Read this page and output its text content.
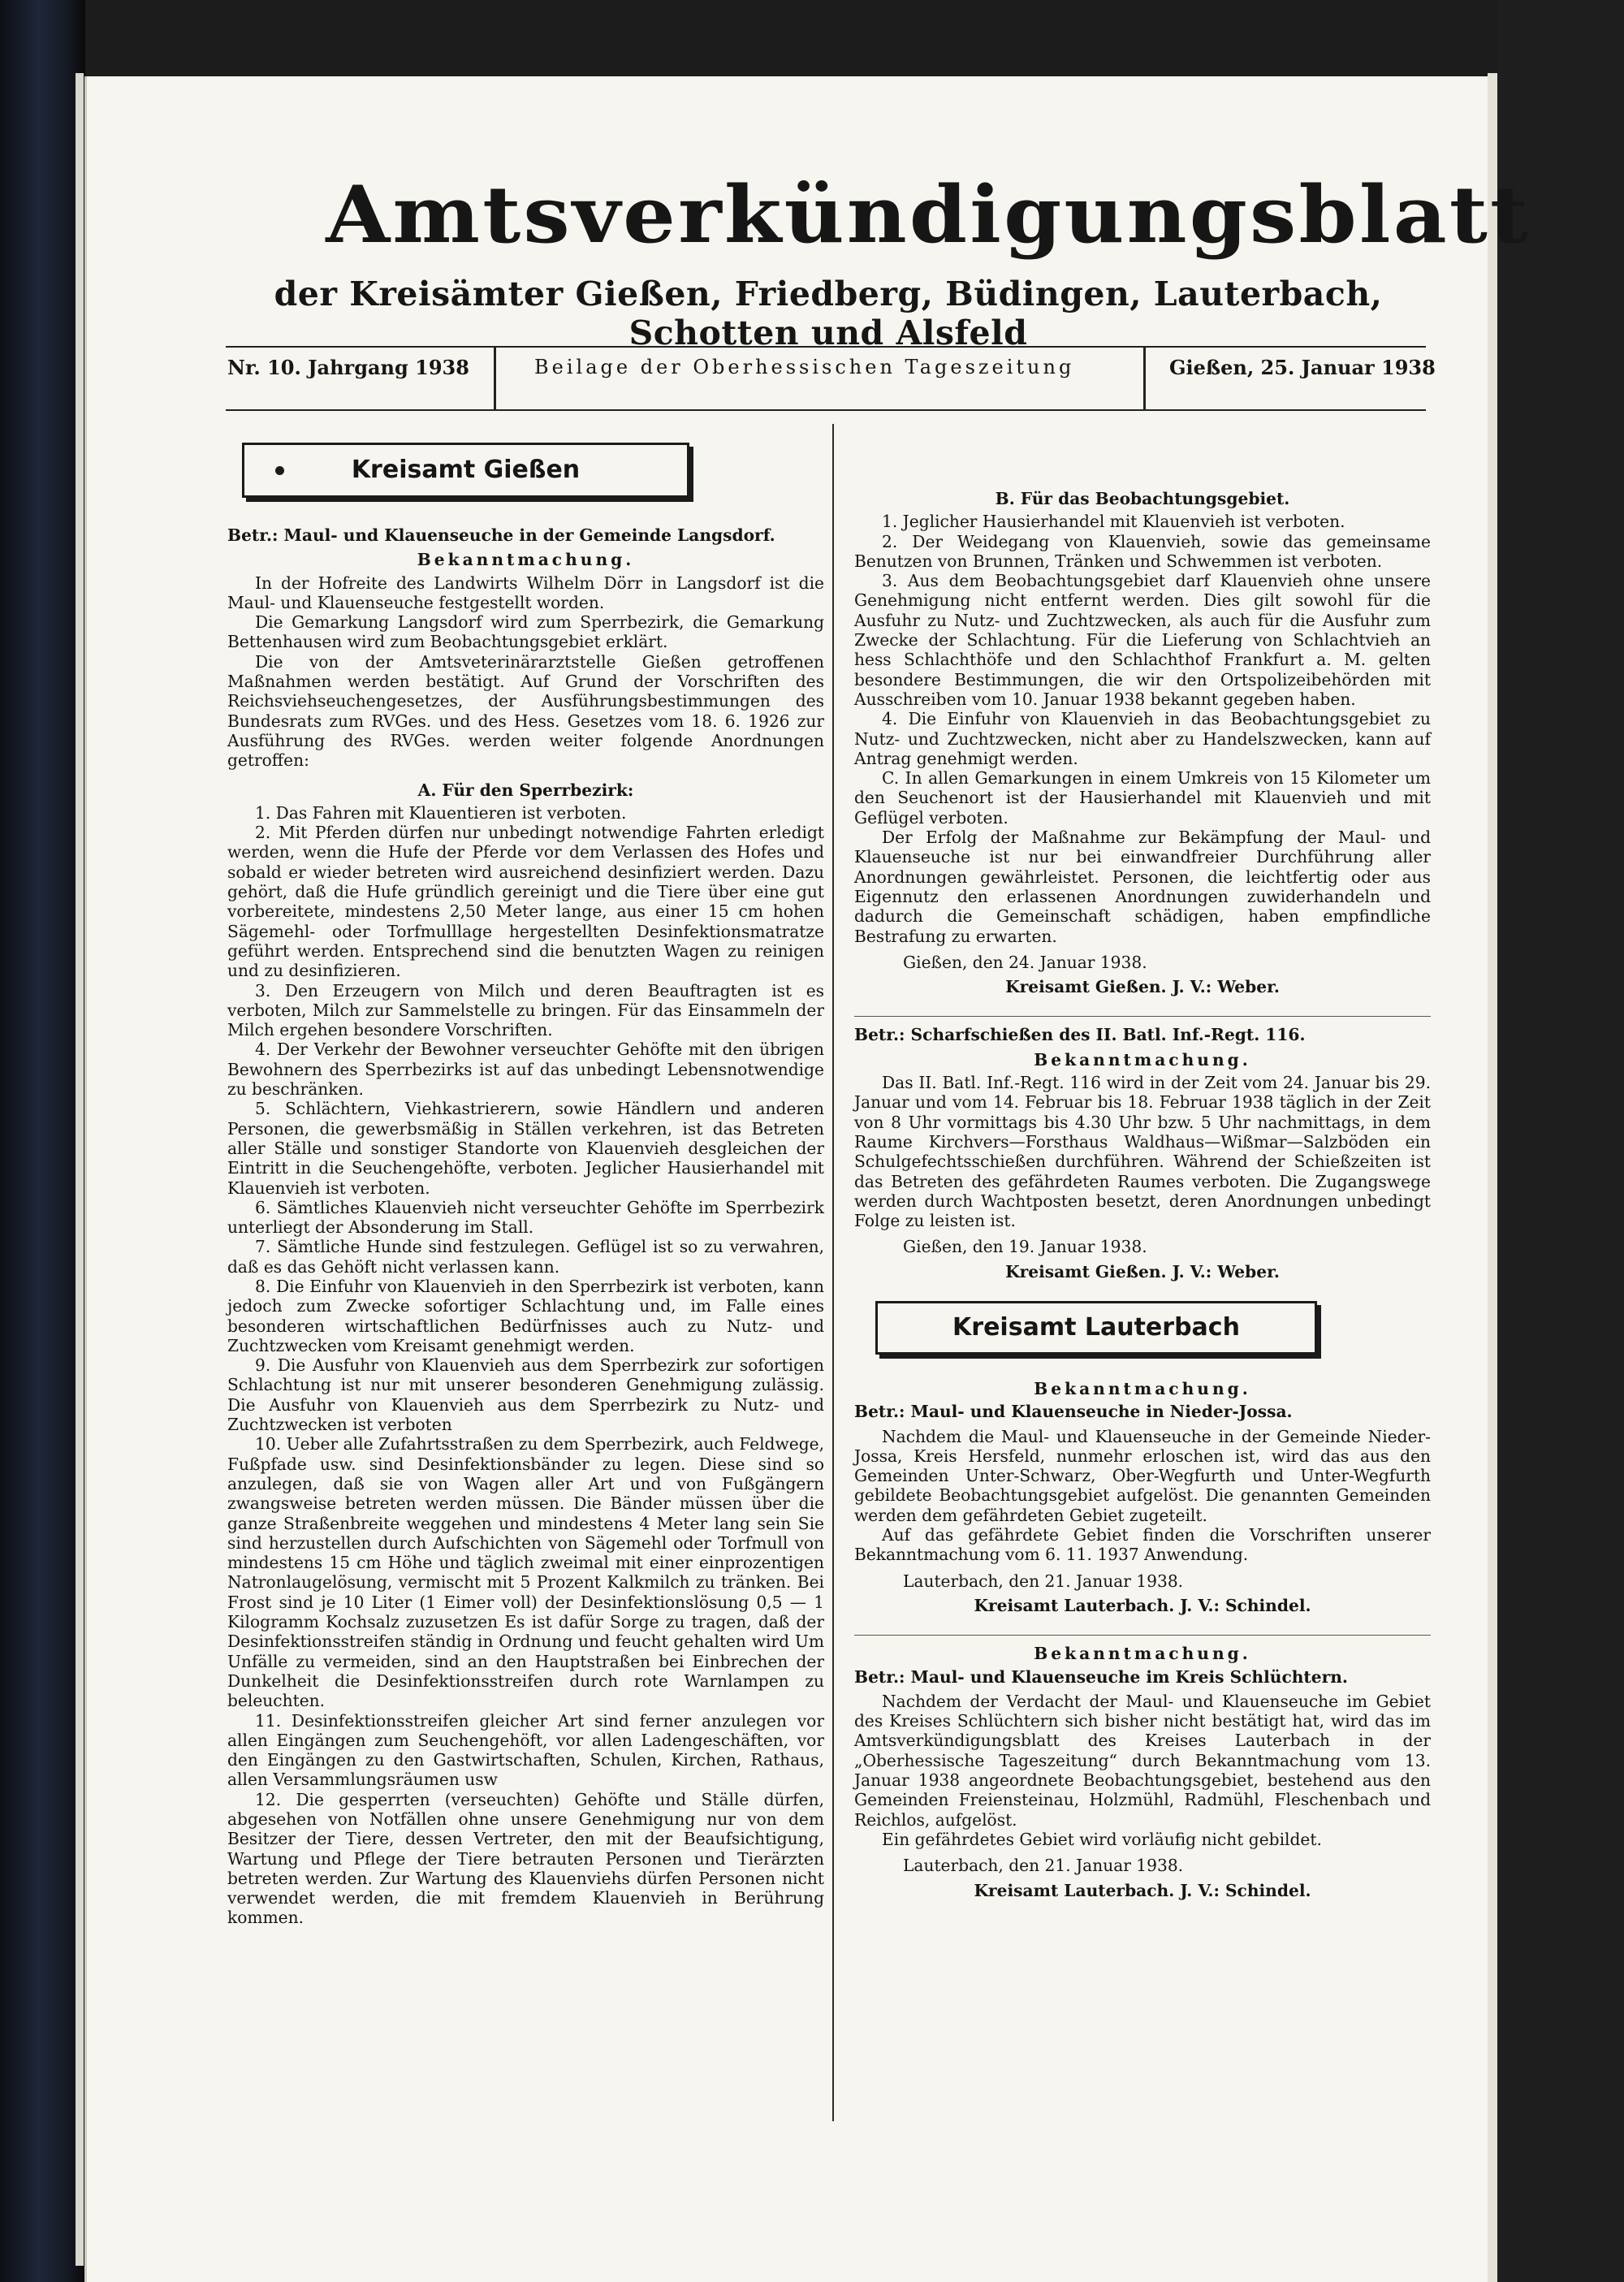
Amtsverkündigungsblatt
der Kreisämter Gießen, Friedberg, Büdingen, Lauterbach, Schotten und Alsfeld
Nr. 10. Jahrgang 1938	Beilage der Oberhessischen Tageszeitung	Gießen, 25. Januar 1938
Kreisamt Gießen

Betr.: Maul- und Klauenseuche in der Gemeinde Langsdorf.

Bekanntmachung.

In der Hofreite des Landwirts Wilhelm Dörr in Langsdorf ist die Maul- und Klauenseuche festgestellt worden.

Die Gemarkung Langsdorf wird zum Sperrbezirk, die Gemarkung Bettenhausen wird zum Beobachtungsgebiet erklärt.

Die von der Amtsveterinärarztstelle Gießen getroffenen Maßnahmen werden bestätigt. Auf Grund der Vorschriften des Reichsviehseuchengesetzes, der Ausführungsbestimmungen des Bundesrats zum RVGes. und des Hess. Gesetzes vom 18. 6. 1926 zur Ausführung des RVGes. werden weiter folgende Anordnungen getroffen:

A. Für den Sperrbezirk:

1. Das Fahren mit Klauentieren ist verboten.

2. Mit Pferden dürfen nur unbedingt notwendige Fahrten erledigt werden, wenn die Hufe der Pferde vor dem Verlassen des Hofes und sobald er wieder betreten wird ausreichend desinfiziert werden. Dazu gehört, daß die Hufe gründlich gereinigt und die Tiere über eine gut vorbereitete, mindestens 2,50 Meter lange, aus einer 15 cm hohen Sägemehl- oder Torfmulllage hergestellten Desinfektionsmatratze geführt werden. Entsprechend sind die benutzten Wagen zu reinigen und zu desinfizieren.

3. Den Erzeugern von Milch und deren Beauftragten ist es verboten, Milch zur Sammelstelle zu bringen. Für das Einsammeln der Milch ergehen besondere Vorschriften.

4. Der Verkehr der Bewohner verseuchter Gehöfte mit den übrigen Bewohnern des Sperrbezirks ist auf das unbedingt Lebensnotwendige zu beschränken.

5. Schlächtern, Viehkastrierern, sowie Händlern und anderen Personen, die gewerbsmäßig in Ställen verkehren, ist das Betreten aller Ställe und sonstiger Standorte von Klauenvieh desgleichen der Eintritt in die Seuchengehöfte, verboten. Jeglicher Hausierhandel mit Klauenvieh ist verboten.

6. Sämtliches Klauenvieh nicht verseuchter Gehöfte im Sperrbezirk unterliegt der Absonderung im Stall.

7. Sämtliche Hunde sind festzulegen. Geflügel ist so zu verwahren, daß es das Gehöft nicht verlassen kann.

8. Die Einfuhr von Klauenvieh in den Sperrbezirk ist verboten, kann jedoch zum Zwecke sofortiger Schlachtung und, im Falle eines besonderen wirtschaftlichen Bedürfnisses auch zu Nutz- und Zuchtzwecken vom Kreisamt genehmigt werden.

9. Die Ausfuhr von Klauenvieh aus dem Sperrbezirk zur sofortigen Schlachtung ist nur mit unserer besonderen Genehmigung zulässig. Die Ausfuhr von Klauenvieh aus dem Sperrbezirk zu Nutz- und Zuchtzwecken ist verboten

10. Ueber alle Zufahrtsstraßen zu dem Sperrbezirk, auch Feldwege, Fußpfade usw. sind Desinfektionsbänder zu legen. Diese sind so anzulegen, daß sie von Wagen aller Art und von Fußgängern zwangsweise betreten werden müssen. Die Bänder müssen über die ganze Straßenbreite weggehen und mindestens 4 Meter lang sein Sie sind herzustellen durch Aufschichten von Sägemehl oder Torfmull von mindestens 15 cm Höhe und täglich zweimal mit einer einprozentigen Natronlaugelösung, vermischt mit 5 Prozent Kalkmilch zu tränken. Bei Frost sind je 10 Liter (1 Eimer voll) der Desinfektionslösung 0,5 — 1 Kilogramm Kochsalz zuzusetzen Es ist dafür Sorge zu tragen, daß der Desinfektionsstreifen ständig in Ordnung und feucht gehalten wird Um Unfälle zu vermeiden, sind an den Hauptstraßen bei Einbrechen der Dunkelheit die Desinfektionsstreifen durch rote Warnlampen zu beleuchten.

11. Desinfektionsstreifen gleicher Art sind ferner anzulegen vor allen Eingängen zum Seuchengehöft, vor allen Ladengeschäften, vor den Eingängen zu den Gastwirtschaften, Schulen, Kirchen, Rathaus, allen Versammlungsräumen usw

12. Die gesperrten (verseuchten) Gehöfte und Ställe dürfen, abgesehen von Notfällen ohne unsere Genehmigung nur von dem Besitzer der Tiere, dessen Vertreter, den mit der Beaufsichtigung, Wartung und Pflege der Tiere betrauten Personen und Tierärzten betreten werden. Zur Wartung des Klauenviehs dürfen Personen nicht verwendet werden, die mit fremdem Klauenvieh in Berührung kommen.

B. Für das Beobachtungsgebiet.

1. Jeglicher Hausierhandel mit Klauenvieh ist verboten.

2. Der Weidegang von Klauenvieh, sowie das gemeinsame Benutzen von Brunnen, Tränken und Schwemmen ist verboten.

3. Aus dem Beobachtungsgebiet darf Klauenvieh ohne unsere Genehmigung nicht entfernt werden. Dies gilt sowohl für die Ausfuhr zu Nutz- und Zuchtzwecken, als auch für die Ausfuhr zum Zwecke der Schlachtung. Für die Lieferung von Schlachtvieh an hess Schlachthöfe und den Schlachthof Frankfurt a. M. gelten besondere Bestimmungen, die wir den Ortspolizeibehörden mit Ausschreiben vom 10. Januar 1938 bekannt gegeben haben.

4. Die Einfuhr von Klauenvieh in das Beobachtungsgebiet zu Nutz- und Zuchtzwecken, nicht aber zu Handelszwecken, kann auf Antrag genehmigt werden.

C. In allen Gemarkungen in einem Umkreis von 15 Kilometer um den Seuchenort ist der Hausierhandel mit Klauenvieh und mit Geflügel verboten.

Der Erfolg der Maßnahme zur Bekämpfung der Maul- und Klauenseuche ist nur bei einwandfreier Durchführung aller Anordnungen gewährleistet. Personen, die leichtfertig oder aus Eigennutz den erlassenen Anordnungen zuwiderhandeln und dadurch die Gemeinschaft schädigen, haben empfindliche Bestrafung zu erwarten.

Gießen, den 24. Januar 1938.

Kreisamt Gießen. J. V.: Weber.

Betr.: Scharfschießen des II. Batl. Inf.-Regt. 116.

Bekanntmachung.

Das II. Batl. Inf.-Regt. 116 wird in der Zeit vom 24. Januar bis 29. Januar und vom 14. Februar bis 18. Februar 1938 täglich in der Zeit von 8 Uhr vormittags bis 4.30 Uhr bzw. 5 Uhr nachmittags, in dem Raume Kirchvers—Forsthaus Waldhaus—Wißmar—Salzböden ein Schulgefechtsschießen durchführen. Während der Schießzeiten ist das Betreten des gefährdeten Raumes verboten. Die Zugangswege werden durch Wachtposten besetzt, deren Anordnungen unbedingt Folge zu leisten ist.

Gießen, den 19. Januar 1938.

Kreisamt Gießen. J. V.: Weber.

Kreisamt Lauterbach

Bekanntmachung.

Betr.: Maul- und Klauenseuche in Nieder-Jossa.

Nachdem die Maul- und Klauenseuche in der Gemeinde Nieder-Jossa, Kreis Hersfeld, nunmehr erloschen ist, wird das aus den Gemeinden Unter-Schwarz, Ober-Wegfurth und Unter-Wegfurth gebildete Beobachtungsgebiet aufgelöst. Die genannten Gemeinden werden dem gefährdeten Gebiet zugeteilt.

Auf das gefährdete Gebiet finden die Vorschriften unserer Bekanntmachung vom 6. 11. 1937 Anwendung.

Lauterbach, den 21. Januar 1938.

Kreisamt Lauterbach. J. V.: Schindel.

Bekanntmachung.

Betr.: Maul- und Klauenseuche im Kreis Schlüchtern.

Nachdem der Verdacht der Maul- und Klauenseuche im Gebiet des Kreises Schlüchtern sich bisher nicht bestätigt hat, wird das im Amtsverkündigungsblatt des Kreises Lauterbach in der „Oberhessische Tageszeitung“ durch Bekanntmachung vom 13. Januar 1938 angeordnete Beobachtungsgebiet, bestehend aus den Gemeinden Freiensteinau, Holzmühl, Radmühl, Fleschenbach und Reichlos, aufgelöst.

Ein gefährdetes Gebiet wird vorläufig nicht gebildet.

Lauterbach, den 21. Januar 1938.

Kreisamt Lauterbach. J. V.: Schindel.
